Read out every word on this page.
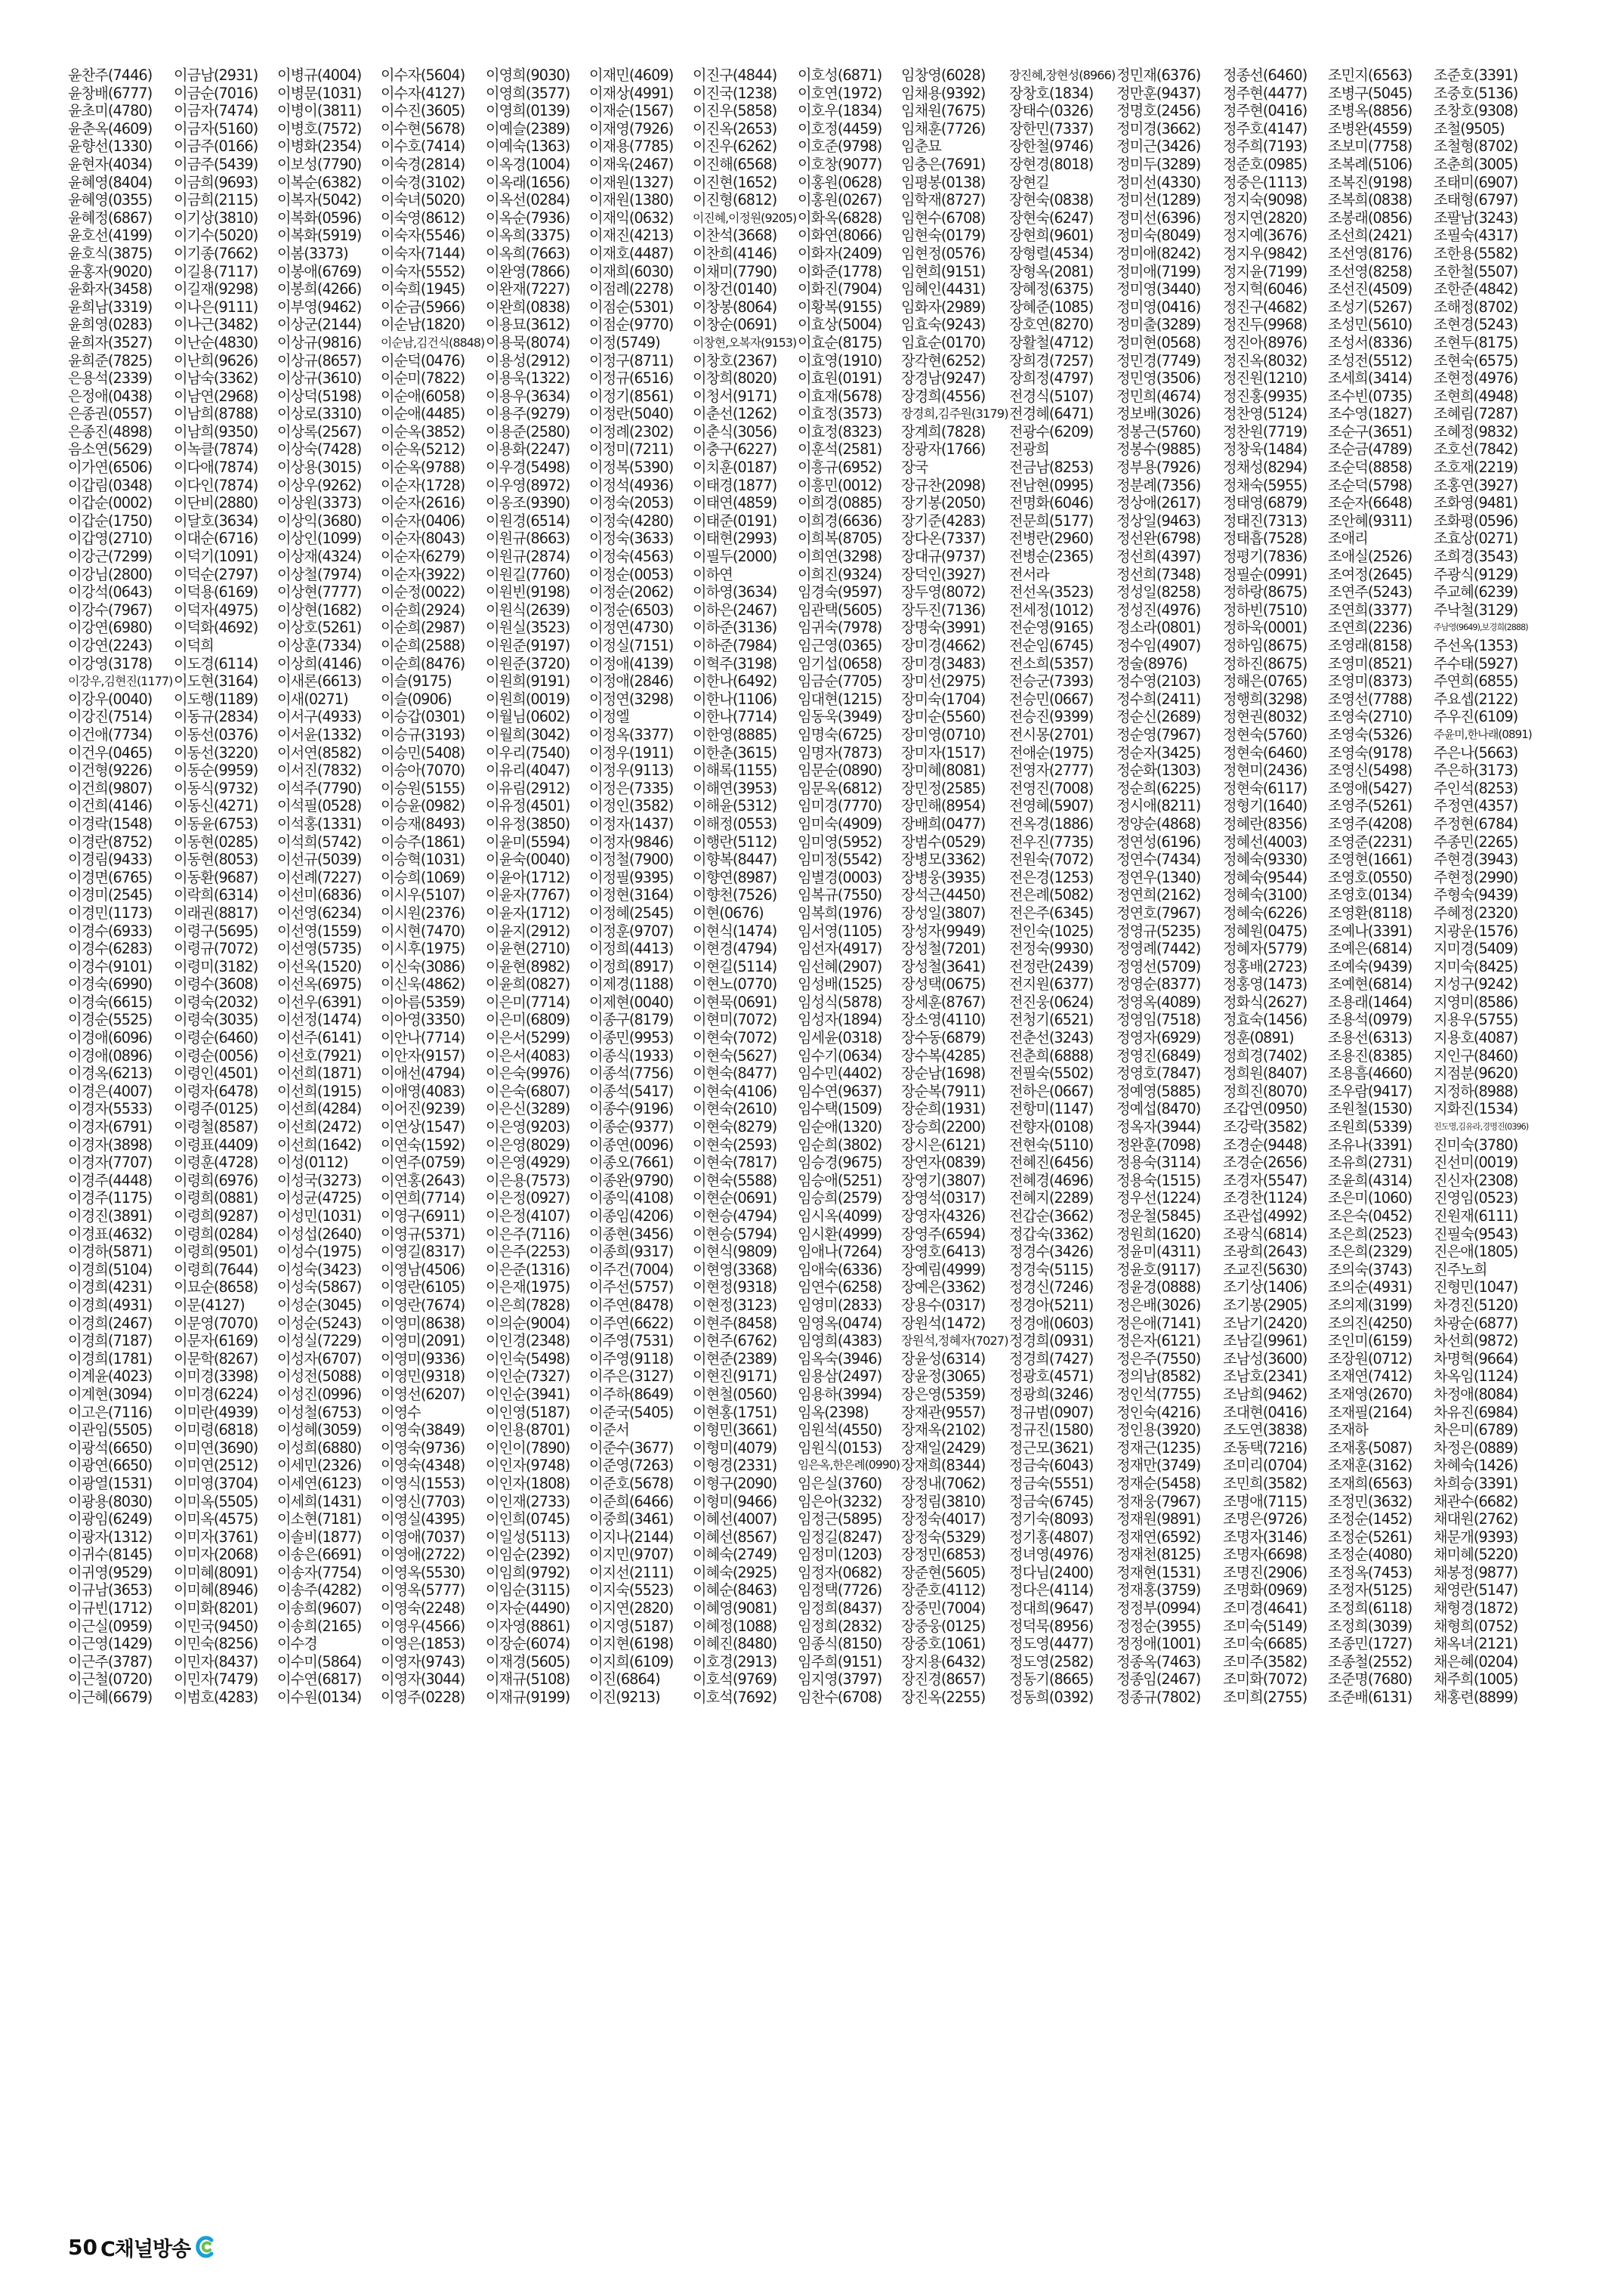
윤찬주(7446) 이금남(2931) 이병규(4004) 이수자(5604) 이영희(9030) 이재민(4609) 이진구(4844) 이호성(6871) 임창영(6028) 장진혜,장현성(8966)정민재(6376) 정종선(6460) 조민지(6563) 조준호(3391)
윤창배(6777) 이금순(7016) 이병문(1031) 이수자(4127) 이영희(3577) 이재상(4991) 이진국(1238) 이호연(1972) 임채용(9392) 장창호(1834) 정만훈(9437) 정주현(4477) 조병구(5045) 조중호(5136)
윤초미(4780) 이금자(7474) 이병이(3811) 이수진(3605) 이영희(0139) 이재순(1567) 이진우(5858) 이호우(1834) 임채원(7675) 장태수(0326) 정명호(2456) 정주현(0416) 조병옥(8856) 조창호(9308)
윤춘옥(4609) 이금자(5160) 이병호(7572) 이수현(5678) 이예슬(2389) 이재영(7926) 이진옥(2653) 이호정(4459) 임채훈(7726) 장한민(7337) 정미경(3662) 정주호(4147) 조병완(4559) 조철(9505)
윤향선(1330) 이금주(0166) 이병화(2354) 이수호(7414) 이예숙(1363) 이재용(7785) 이진우(6262) 이호준(9798) 임춘묘	장한철(9746) 정미근(3426) 정주희(7193) 조보미(7758) 조철형(8702)
윤현자(4034) 이금주(5439) 이보성(7790) 이숙경(2814) 이옥경(1004) 이재욱(2467) 이진해(6568) 이호창(9077) 임충은(7691) 장현경(8018) 정미두(3289) 정준호(0985) 조복례(5106) 조춘희(3005)
윤혜영(8404) 이금희(9693) 이복순(6382) 이숙경(3102) 이옥래(1656) 이재원(1327) 이진현(1652) 이홍원(0628) 임평봉(0138) 장현길	정미선(4330) 정중은(1113) 조복진(9198) 조태미(6907)
윤혜영(0355) 이금희(2115) 이복자(5042) 이숙녀(5020) 이옥선(0284) 이재원(1380) 이진형(6812) 이홍원(0267) 임학재(8727) 장현숙(0838) 정미선(1289) 정지숙(9098) 조복희(0838) 조태형(6797)
윤혜정(6867) 이기상(3810) 이복화(0596) 이숙영(8612) 이옥순(7936) 이재익(0632) 이진혜,이정원(9205)이화옥(6828) 임현수(6708) 장현숙(6247) 정미선(6396) 정지연(2820) 조봉래(0856) 조팔남(3243)
윤호선(4199) 이기수(5020) 이복화(5919) 이숙자(5546) 이옥희(3375) 이재진(4213) 이찬석(3668) 이화연(8066) 임현숙(0179) 장현희(9601) 정미숙(8049) 정지예(3676) 조선희(2421) 조필숙(4317)
윤호식(3875) 이기종(7662) 이봄(3373) 이숙자(7144) 이옥희(7663) 이재호(4487) 이찬희(4146) 이화자(2409) 임현정(0576) 장형렬(4534) 정미애(8242) 정지우(9842) 조선영(8176) 조한용(5582)
윤홍자(9020) 이길용(7117) 이봉애(6769) 이숙자(5552) 이완영(7866) 이재희(6030) 이채미(7790) 이화준(1778) 임현희(9151) 장형옥(2081) 정미애(7199) 정지윤(7199) 조선영(8258) 조한철(5507)
윤화자(3458) 이길재(9298) 이봉희(4266) 이숙희(1945) 이완재(7227) 이점례(2278) 이창건(0140) 이화진(7904) 임혜인(4431) 장혜정(6375) 정미영(3440) 정지혁(6046) 조선진(4509) 조한준(4842)
윤희남(3319) 이나은(9111) 이부영(9462) 이순금(5966) 이완희(0838) 이점순(5301) 이창봉(8064) 이황복(9155) 임화자(2989) 장혜준(1085) 정미영(0416) 정진구(4682) 조성기(5267) 조해정(8702)
윤희영(0283) 이나근(3482) 이상군(2144) 이순남(1820) 이용묘(3612) 이점순(9770) 이창순(0691) 이효상(5004) 임효숙(9243) 장호연(8270) 정미출(3289) 정진두(9968) 조성민(5610) 조현경(5243)
윤희자(3527) 이난순(4830) 이상규(9816) 이순남,김건식(8848)이용묵(8074) 이정(5749)	이창현,오복자(9153)이효순(8175) 임효순(0170) 장활철(4712) 정미현(0568) 정진아(8976) 조성서(8336) 조현두(8175)
윤희준(7825) 이난희(9626) 이상규(8657) 이순덕(0476) 이용성(2912) 이정구(8711) 이창호(2367) 이효영(1910) 장각현(6252) 장희경(7257) 정민경(7749) 정진옥(8032) 조성전(5512) 조현숙(6575)
은용석(2339) 이남숙(3362) 이상규(3610) 이순미(7822) 이용욱(1322) 이정규(6516) 이창희(8020) 이효원(0191) 장경남(9247) 장희정(4797) 정민영(3506) 정진원(1210) 조세희(3414) 조현정(4976)
은정애(0438) 이남연(2968) 이상덕(5198) 이순애(6058) 이용우(3634) 이정기(8561) 이청서(9171) 이효재(5678) 장경희(4556) 전경식(5107) 정민희(4674) 정진홍(9935) 조수빈(0735) 조현희(4948)
은종권(0557) 이남희(8788) 이상로(3310) 이순애(4485) 이용주(9279) 이정란(5040) 이춘선(1262) 이효정(3573) 장경희,김주원(3179)전경혜(6471) 정보배(3026) 정찬영(5124) 조수영(1827) 조혜림(7287)
은종진(4898) 이남희(9350) 이상록(2567) 이순옥(3852) 이용준(2580) 이정례(2302) 이춘식(3056) 이효정(8323) 장계희(7828) 전광수(6209) 정봉근(5760) 정찬원(7719) 조순구(3651) 조혜정(9832)
음소연(5629) 이녹클(7874) 이상숙(7428) 이순옥(5212) 이용화(2247) 이정미(7211) 이충구(6227) 이훈석(2581) 장광자(1766) 전광희	정봉수(9885) 정창욱(1484) 조순금(4789) 조호선(7842)
이가연(6506) 이다애(7874) 이상용(3015) 이순옥(9788) 이우경(5498) 이정복(5390) 이치훈(0187) 이흥규(6952) 장국	전금남(8253) 정부용(7926) 정채성(8294) 조순덕(8858) 조호재(2219)
이갑림(0348) 이다인(7874) 이상우(9262) 이순자(1728) 이우영(8972) 이정석(4936) 이태경(1877) 이흥민(0012) 장규찬(2098) 전남현(0995) 정분례(7356) 정채숙(5955) 조순덕(5798) 조홍연(3927)
이갑순(0002) 이단비(2880) 이상원(3373) 이순자(2616) 이옹조(9390) 이정숙(2053) 이태연(4859) 이희경(0885) 장기봉(2050) 전명화(6046) 정상애(2617) 정태영(6879) 조순자(6648) 조화영(9481)
이갑순(1750) 이달호(3634) 이상익(3680) 이순자(0406) 이원경(6514) 이정숙(4280) 이태준(0191) 이희경(6636) 장기준(4283) 전문희(5177) 정상일(9463) 정태진(7313) 조안혜(9311) 조화평(0596)
이갑영(2710) 이대순(6716) 이상인(1099) 이순자(8043) 이원규(8663) 이정숙(3633) 이태현(2993) 이희복(8705) 장다온(7337) 전병란(2960) 정선완(6798) 정태흡(7528) 조애리	조효상(0271)
이강근(7299) 이덕기(1091) 이상재(4324) 이순자(6279) 이원규(2874) 이정숙(4563) 이필두(2000) 이희연(3298) 장대규(9737) 전병순(2365) 정선희(4397) 정평기(7836) 조애실(2526) 조희경(3543)
이강님(2800) 이덕순(2797) 이상철(7974) 이순자(3922) 이원길(7760) 이정순(0053) 이하연	이희진(9324) 장덕인(3927) 전서라	정선희(7348) 정필순(0991) 조여정(2645) 주광식(9129)
이강석(0643) 이덕용(6169) 이상현(7777) 이순정(0022) 이원빈(9198) 이정순(2062) 이하영(3634) 임경숙(9597) 장두영(8072) 전선옥(3523) 정성일(8258) 정하랑(8675) 조연주(5243) 주교혜(6239)
이강수(7967) 이덕자(4975) 이상현(1682) 이순희(2924) 이원식(2639) 이정순(6503) 이하은(2467) 임관택(5605) 장두진(7136) 전세정(1012) 정성진(4976) 정하빈(7510) 조연희(3377) 주낙철(3129)
이강연(6980) 이덕화(4692) 이상호(5261) 이순희(2987) 이원실(3523) 이정연(4730) 이하준(3136) 임귀숙(7978) 장명숙(3991) 전순영(9165) 정소라(0801) 정하욱(0001) 조연희(2236)	주남영(9649),보경희(2888)
이강연(2243) 이덕희	이상훈(7334) 이순희(2588) 이원준(9197) 이정실(7151) 이하준(7984) 임근영(0365) 장미경(4662) 전순임(6745) 정수임(4907) 정하임(8675) 조영래(8158) 주선옥(1353)
이강영(3178) 이도경(6114) 이상희(4146) 이순희(8476) 이원준(3720) 이정애(4139) 이혁주(3198) 임기섭(0658) 장미경(3483) 전소희(5357) 정술(8976) 정하진(8675) 조영미(8521) 주수태(5927)
이강우,김현진(1177)이도현(3164) 이새론(6613) 이슬(9175) 이원희(9191) 이정애(2846) 이한나(6492) 임금순(7705) 장미선(2975) 전승군(7393) 정수영(2103) 정해은(0765) 조영미(8373) 주연희(6855)
이강우(0040) 이도행(1189) 이새(0271) 이슬(0906) 이원희(0019) 이정연(3298) 이한나(1106) 임대현(1215) 장미숙(1704) 전승민(0667) 정수희(2411) 정행희(3298) 조영선(7788) 주요셉(2122)
이강진(7514) 이동규(2834) 이서구(4933) 이승갑(0301) 이월님(0602) 이정엘	이한나(7714) 임동욱(3949) 장미순(5560) 전승진(9399) 정순신(2689) 정현권(8032) 조영숙(2710) 주우진(6109)
이건애(7734) 이동선(0376) 이서윤(1332) 이승규(3193) 이월희(3042) 이정옥(3377) 이한영(8885) 임명숙(6725) 장미영(0710) 전시몽(2701) 정순영(7967) 정현숙(5760) 조영숙(5326) 주윤미,한나래(0891)
이건우(0465) 이동선(3220) 이서연(8582) 이승민(5408) 이우리(7540) 이정우(1911) 이한춘(3615) 임명자(7873) 장미자(1517) 전애순(1975) 정순자(3425) 정현숙(6460) 조영숙(9178) 주은나(5663)
이건형(9226) 이동순(9959) 이서진(7832) 이승아(7070) 이유리(4047) 이정우(9113) 이해록(1155) 임문순(0890) 장미혜(8081) 전영자(2777) 정순화(1303) 정현미(2436) 조영신(5498) 주은하(3173)
이건희(9807) 이동식(9732) 이석주(7790) 이승원(5155) 이유림(2912) 이정은(7335) 이해연(3953) 임문옥(6812) 장민정(2585) 전영진(7008) 정순희(6225) 정현숙(6117) 조영애(5427) 주인석(8253)
이건희(4146) 이동신(4271) 이석필(0528) 이승윤(0982) 이유정(4501) 이정인(3582) 이해윤(5312) 임미경(7770) 장민해(8954) 전영혜(5907) 정시애(8211) 정형기(1640) 조영주(5261) 주정연(4357)
이경락(1548) 이동윤(6753) 이석홍(1331) 이승재(8493) 이유정(3850) 이정자(1437) 이해정(0553) 임미숙(4909) 장배희(0477) 전옥경(1886) 정양순(4868) 정혜란(8356) 조영주(4208) 주정현(6784)
이경란(8752) 이동현(0285) 이석희(5742) 이승주(1861) 이윤미(5594) 이정자(9846) 이행란(5112) 임미영(5952) 장범수(0529) 전우진(7735) 정연성(6196) 정혜선(4003) 조영준(2231) 주종민(2265)
이경림(9433) 이동현(8053) 이선규(5039) 이승혁(1031) 이윤숙(0040) 이정철(7900) 이향복(8447) 임미정(5542) 장병모(3362) 전원숙(7072) 정연수(7434) 정혜숙(9330) 조영현(1661) 주현경(3943)
이경면(6765) 이동환(9687) 이선례(7227) 이승희(1069) 이윤아(1712) 이정필(9395) 이향연(8987) 임별경(0003) 장병웅(3935) 전은경(1253) 정연우(1340) 정혜숙(9544) 조영호(0550) 주현정(2990)
이경미(2545) 이락희(6314) 이선미(6836) 이시우(5107) 이윤자(7767) 이정현(3164) 이향천(7526) 임복규(7550) 장석근(4450) 전은례(5082) 정연희(2162) 정혜숙(3100) 조영호(0134) 주형숙(9439)
이경민(1173) 이래권(8817) 이선영(6234) 이시원(2376) 이윤자(1712) 이정혜(2545) 이현(0676) 임복희(1976) 장성일(3807) 전은주(6345) 정연호(7967) 정혜숙(6226) 조영환(8118) 주혜정(2320)
이경수(6933) 이령구(5695) 이선영(1559) 이시현(7470) 이윤지(2912) 이정훈(9707) 이현식(1474) 임서영(1105) 장성자(9949) 전인숙(1025) 정영규(5235) 정혜원(0475) 조예나(3391) 지광운(1576)
이경수(6283) 이령규(7072) 이선영(5735) 이시후(1975) 이윤현(2710) 이정희(4413) 이현경(4794) 임선자(4917) 장성철(7201) 전정숙(9930) 정영례(7442) 정혜자(5779) 조예은(6814) 지미경(5409)
이경수(9101) 이령미(3182) 이선옥(1520) 이신숙(3086) 이윤현(8982) 이정희(8917) 이현길(5114) 임선혜(2907) 장성철(3641) 전정란(2439) 정영선(5709) 정홍배(2723) 조예숙(9439) 지미숙(8425)
이경숙(6990) 이령수(3608) 이선옥(6975) 이신욱(4862) 이윤희(0827) 이제경(1188) 이현노(0770) 임성배(1525) 장성택(0675) 전지원(6377) 정영순(8377) 정홍영(1473) 조예현(6814) 지성구(9242)
이경숙(6615) 이령숙(2032) 이선우(6391) 이아름(5359) 이은미(7714) 이제현(0040) 이현묵(0691) 임성식(5878) 장세훈(8767) 전진웅(0624) 정영옥(4089) 정화식(2627) 조용래(1464) 지영미(8586)
이경순(5525) 이령숙(3035) 이선정(1474) 이아영(3350) 이은미(6809) 이종구(8179) 이현미(7072) 임성자(1894) 장소영(4110) 전청기(6521) 정영임(7518) 정효숙(1456) 조용석(0979) 지용우(5755)
이경애(6096) 이령순(6460) 이선주(6141) 이안나(7714) 이은서(5299) 이종민(9953) 이현숙(7072) 임세윤(0318) 장수동(6879) 전춘선(3243) 정영자(6929) 정훈(0891) 조용선(6313) 지용호(4087)
이경애(0896) 이령순(0056) 이선호(7921) 이안자(9157) 이은서(4083) 이종식(1933) 이현숙(5627) 임수기(0634) 장수복(4285) 전춘희(6888) 정영진(6849) 정희경(7402) 조용진(8385) 지인구(8460)
이경옥(6213) 이령인(4501) 이선희(1871) 이애선(4794) 이은숙(9976) 이종석(7756) 이현숙(8477) 임수민(4402) 장순남(1698) 전필숙(5502) 정영호(7847) 정희원(8407) 조용흠(4660) 지점분(9620)
이경은(4007) 이령자(6478) 이선희(1915) 이애영(4083) 이은숙(6807) 이종석(5417) 이현숙(4106) 임수연(9637) 장순복(7911) 전하은(0667) 정예영(5885) 정희진(8070) 조우람(9417) 지정하(8988)
이경자(5533) 이령주(0125) 이선희(4284) 이어진(9239) 이은신(3289) 이종수(9196) 이현숙(2610) 임수택(1509) 장순희(1931) 전항미(1147) 정예섭(8470) 조갑연(0950) 조원철(1530) 지화진(1534)
이경자(6791) 이령철(8587) 이선희(2472) 이연상(1547) 이은영(9203) 이종순(9377) 이현숙(8279) 임순애(1320) 장승희(2200) 전향자(0108) 정옥자(3944) 조강락(3582) 조원희(5339)	진도명,김유라,경명진(0396)
이경자(3898) 이령표(4409) 이선희(1642) 이연숙(1592) 이은영(8029) 이종연(0096) 이현숙(2593) 임순희(3802) 장시은(6121) 전현숙(5110) 정완훈(7098) 조경순(9448) 조유나(3391) 진미숙(3780)
이경자(7707) 이령훈(4728) 이성(0112) 이연주(0759) 이은영(4929) 이종오(7661) 이현숙(7817) 임승경(9675) 장연자(0839) 전혜진(6456) 정용숙(3114) 조경순(2656) 조유희(2731) 진선미(0019)
이경주(4448) 이령희(6976) 이성국(3273) 이연홍(2643) 이은용(7573) 이종완(9790) 이현숙(5588) 임승애(5251) 장영기(3807) 전혜경(4696) 정용숙(1515) 조경자(5547) 조윤희(4314) 진신자(2308)
이경주(1175) 이령희(0881) 이성균(4725) 이연희(7714) 이은정(0927) 이종익(4108) 이현순(0691) 임승희(2579) 장영석(0317) 전혜지(2289) 정우선(1224) 조경찬(1124) 조은미(1060) 진영임(0523)
이경진(3891) 이령희(9287) 이성민(1031) 이영구(6911) 이은정(4107) 이종임(4206) 이현승(4794) 임시옥(4099) 장영자(4326) 전갑순(3662) 정운철(5845) 조관섭(4992) 조은숙(0452) 진원재(6111)
이경표(4632) 이령희(0284) 이성섭(2640) 이영규(5371) 이은주(7116) 이종현(3456) 이현승(5794) 임시환(4999) 장영주(6594) 정갑숙(3362) 정원희(1620) 조광식(6814) 조은희(2523) 진필숙(9543)
이경하(5871) 이령희(9501) 이성수(1975) 이영길(8317) 이은주(2253) 이종희(9317) 이현식(9809) 임애나(7264) 장영호(6413) 정경수(3426) 정윤미(4311) 조광희(2643) 조은희(2329) 진은애(1805)
이경희(5104) 이령희(7644) 이성숙(3423) 이영남(4506) 이은준(1316) 이주건(7004) 이현영(3368) 임애숙(6336) 장예림(4999) 정경숙(5115) 정윤호(9117) 조교진(5630) 조의숙(3743) 진주노희
이경희(4231) 이묘순(8658) 이성숙(5867) 이영란(6105) 이은재(1975) 이주선(5757) 이현정(9318) 임연수(6258) 장예은(3362) 정경신(7246) 정윤경(0888) 조기상(1406) 조의순(4931) 진형민(1047)
이경희(4931) 이문(4127) 이성순(3045) 이영란(7674) 이은희(7828) 이주연(8478) 이현정(3123) 임영미(2833) 장용수(0317) 정경아(5211) 정은배(3026) 조기봉(2905) 조의제(3199) 차경진(5120)
이경희(2467) 이문영(7070) 이성순(5243) 이영미(8638) 이의순(9004) 이주연(6622) 이현주(8458) 임영옥(0474) 장원석(1472) 정경애(0603) 정은애(7141) 조남기(2420) 조의진(4250) 차광순(6877)
이경희(7187) 이문자(6169) 이성실(7229) 이영미(2091) 이인경(2348) 이주영(7531) 이현주(6762) 임영희(4383) 장원석,정혜자(7027)정경희(0931) 정은자(6121) 조남길(9961) 조인미(6159) 차선희(9872)
이경희(1781) 이문학(8267) 이성자(6707) 이영미(9336) 이인숙(5498) 이주영(9118) 이현준(2389) 임옥숙(3946) 장윤성(6314) 정경희(7427) 정은주(7550) 조남성(3600) 조장원(0712) 차명혁(9664)
이계윤(4023) 이미경(3398) 이성전(5088) 이영민(9318) 이인순(7327) 이주은(3127) 이현진(9171) 임용삼(2497) 장윤정(3065) 정광호(4571) 정의남(8582) 조남호(2341) 조재연(7412) 차옥임(1124)
이계현(3094) 이미경(6224) 이성진(0996) 이영선(6207) 이인순(3941) 이주하(8649) 이현철(0560) 임용하(3994) 장은영(5359) 정광희(3246) 정인석(7755) 조남희(9462) 조재영(2670) 차정애(8084)
이고은(7116) 이미란(4939) 이성철(6753) 이영수	이인영(5187) 이준국(5405) 이현홍(1751) 임옥(2398) 장재관(9557) 정규범(0907) 정인숙(4216) 조대현(0416) 조재필(2164) 차유진(6984)
이관임(5505) 이미령(6818) 이성혜(3059) 이영숙(3849) 이인용(8701) 이준서	이형민(3661) 임원석(4550) 장재옥(2102) 정규진(1580) 정인용(3920) 조도연(3838) 조재하	차은미(6789)
이광석(6650) 이미연(3690) 이성희(6880) 이영숙(9736) 이인이(7890) 이준수(3677) 이형미(4079) 임원식(0153) 장재일(2429) 정근모(3621) 정재근(1235) 조동택(7216) 조재홍(5087) 차정은(0889)
이광연(6650) 이미연(2512) 이세민(2326) 이영숙(4348) 이인자(9748) 이준영(7263) 이형경(2331) 임은옥,한은례(0990) 장재희(8344) 정금숙(6043) 정재만(3749) 조미리(0704) 조재훈(3162) 차혜숙(1426)
이광열(1531) 이미영(3704) 이세연(6123) 이영식(1553) 이인자(1808) 이준호(5678) 이형구(2090) 임은실(3760) 장정내(7062) 정금숙(5551) 정재순(5458) 조민희(3582) 조재희(6563) 차희승(3391)
이광용(8030) 이미옥(5505) 이세희(1431) 이영신(7703) 이인재(2733) 이준희(6466) 이형미(9466) 임은아(3232) 장정림(3810) 정금숙(6745) 정재웅(7967) 조명애(7115) 조정민(3632) 채관수(6682)
이광임(6249) 이미옥(4575) 이소현(7181) 이영실(4395) 이인희(0745) 이중희(3461) 이혜선(4007) 임정근(5895) 장정숙(4017) 정기숙(8093) 정재원(9891) 조명은(9726) 조정순(1452) 채대원(2762)
이광자(1312) 이미자(3761) 이솔비(1877) 이영애(7037) 이일성(5113) 이지나(2144) 이혜선(8567) 임정길(8247) 장정숙(5329) 정기홍(4807) 정재연(6592) 조명자(3146) 조정순(5261) 채문개(9393)
이귀수(8145) 이미자(2068) 이송은(6691) 이영애(2722) 이임순(2392) 이지민(9707) 이혜숙(2749) 임정미(1203) 장정민(6853) 정녀영(4976) 정재천(8125) 조명자(6698) 조정순(4080) 채미혜(5220)
이귀영(9529) 이미혜(8091) 이송자(7754) 이영옥(5530) 이임희(9792) 이지선(2111) 이혜숙(2925) 임정자(0682) 장준현(5605) 정다님(2400) 정재현(1531) 조명진(2906) 조정옥(7453) 채봉정(9877)
이규남(3653) 이미혜(8946) 이송주(4282) 이영옥(5777) 이임순(3115) 이지숙(5523) 이혜순(8463) 임정택(7726) 장준호(4112) 정다은(4114) 정재홍(3759) 조명화(0969) 조정자(5125) 채영란(5147)
이규빈(1712) 이미화(8201) 이송희(9607) 이영숙(2248) 이자순(4490) 이지연(2820) 이혜영(9081) 임정희(8437) 장중민(7004) 정대희(9647) 정정부(0994) 조미경(4641) 조정희(6118) 채형경(1872)
이근실(0959) 이민국(9450) 이송희(2165) 이영우(4566) 이자영(8861) 이지영(5187) 이혜정(1088) 임정희(2832) 장중웅(0125) 정덕묵(8956) 정정순(3955) 조미숙(5149) 조정희(3039) 채형희(0752)
이근영(1429) 이민숙(8256) 이수경	이영은(1853) 이장순(6074) 이지현(6198) 이혜진(8480) 임종식(8150) 장중호(1061) 정도영(4477) 정정애(1001) 조미숙(6685) 조종민(1727) 채옥녀(2121)
이근주(3787) 이민자(8437) 이수미(5864) 이영자(9743) 이재경(5605) 이지희(6109) 이호경(2913) 임주희(9151) 장지용(6432) 정도영(2582) 정종옥(7463) 조미주(3582) 조종철(2552) 채은혜(0204)
이근철(0720) 이민자(7479) 이수연(6817) 이영자(3044) 이재규(5108) 이진(6864) 이호석(9769) 임지영(3797) 장진경(8657) 정동기(8665) 정종임(2467) 조미화(7072) 조준명(7680) 채주희(1005)
이근혜(6679) 이범호(4283) 이수원(0134) 이영주(0228) 이재규(9199) 이진(9213) 이호석(7692) 임찬수(6708) 장진옥(2255) 정동희(0392) 정종규(7802) 조미희(2755) 조준배(6131) 채홍련(8899)
50 C채널방송
